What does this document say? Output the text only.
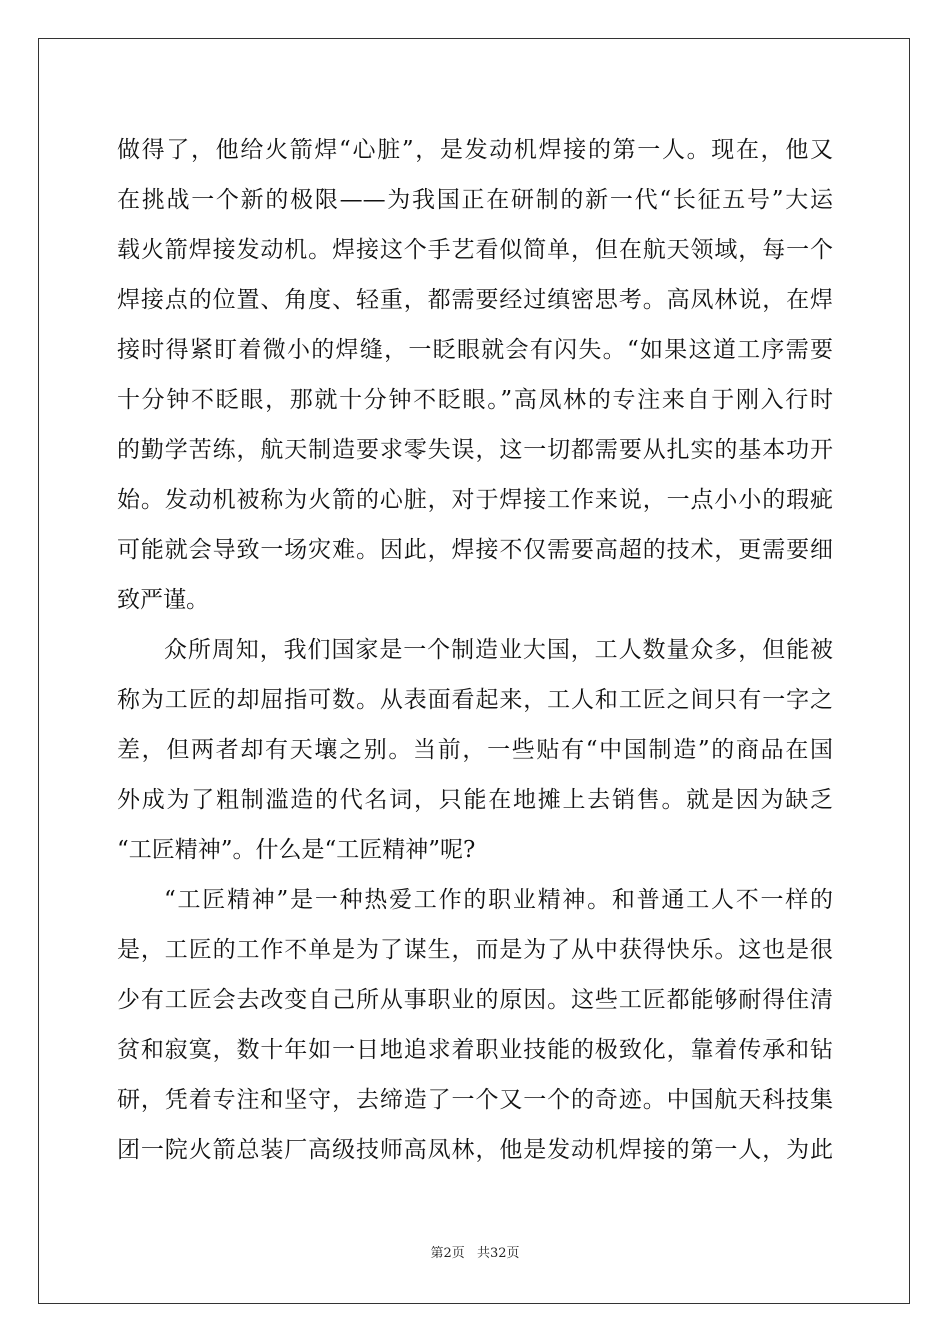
做得了，他给火箭焊“心脏”，是发动机焊接的第一人。现在，他又
在挑战一个新的极限——为我国正在研制的新一代“长征五号”大运
载火箭焊接发动机。焊接这个手艺看似简单，但在航天领域，每一个
焊接点的位置、角度、轻重，都需要经过缜密思考。高凤林说，在焊
接时得紧盯着微小的焊缝，一眨眼就会有闪失。“如果这道工序需要
十分钟不眨眼，那就十分钟不眨眼。”高凤林的专注来自于刚入行时
的勤学苦练，航天制造要求零失误，这一切都需要从扎实的基本功开
始。发动机被称为火箭的心脏，对于焊接工作来说，一点小小的瑕疵
可能就会导致一场灾难。因此，焊接不仅需要高超的技术，更需要细
致严谨。
众所周知，我们国家是一个制造业大国，工人数量众多，但能被
称为工匠的却屈指可数。从表面看起来，工人和工匠之间只有一字之
差，但两者却有天壤之别。当前，一些贴有“中国制造”的商品在国
外成为了粗制滥造的代名词，只能在地摊上去销售。就是因为缺乏
“工匠精神”。什么是“工匠精神”呢?
“工匠精神”是一种热爱工作的职业精神。和普通工人不一样的
是，工匠的工作不单是为了谋生，而是为了从中获得快乐。这也是很
少有工匠会去改变自己所从事职业的原因。这些工匠都能够耐得住清
贫和寂寞，数十年如一日地追求着职业技能的极致化，靠着传承和钻
研，凭着专注和坚守，去缔造了一个又一个的奇迹。中国航天科技集
团一院火箭总装厂高级技师高凤林，他是发动机焊接的第一人，为此
第2页 共32页
